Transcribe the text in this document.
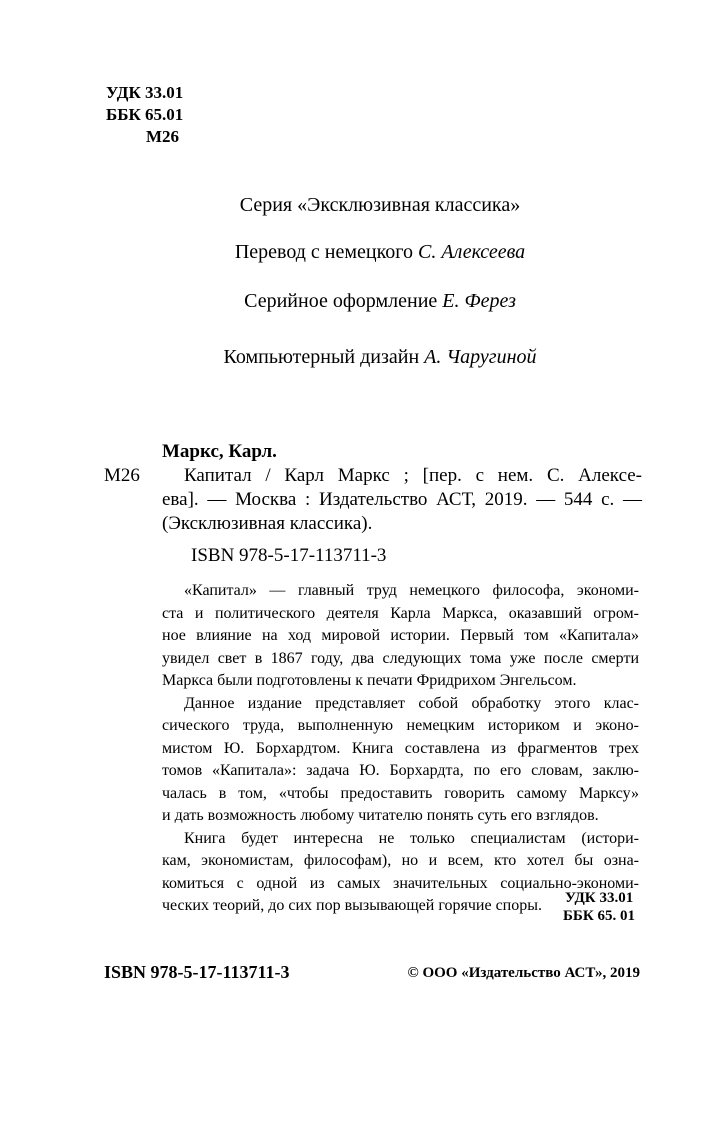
УДК 33.01
ББК 65.01
М26
Серия «Эксклюзивная классика»
Перевод с немецкого С. Алексеева
Серийное оформление Е. Ферез
Компьютерный дизайн А. Чаругиной
Маркс, Карл.
М26	Капитал / Карл Маркс ; [пер. с нем. С. Алексе-
ева]. — Москва : Издательство АСТ, 2019. — 544 с. —
(Эксклюзивная классика).
ISBN 978-5-17-113711-3
«Капитал» — главный труд немецкого философа, экономи-
ста и политического деятеля Карла Маркса, оказавший огром-
ное влияние на ход мировой истории. Первый том «Капитала»
увидел свет в 1867 году, два следующих тома уже после смерти
Маркса были подготовлены к печати Фридрихом Энгельсом.
Данное издание представляет собой обработку этого клас-
сического труда, выполненную немецким историком и эконо-
мистом Ю. Борхардтом. Книга составлена из фрагментов трех
томов «Капитала»: задача Ю. Борхардта, по его словам, заклю-
чалась в том, «чтобы предоставить говорить самому Марксу»
и дать возможность любому читателю понять суть его взглядов.
Книга будет интересна не только специалистам (истори-
кам, экономистам, философам), но и всем, кто хотел бы озна-
комиться с одной из самых значительных социально-экономи-
ческих теорий, до сих пор вызывающей горячие споры.	УДК 33.01
ББК 65. 01
ISBN 978-5-17-113711-3	© ООО «Издательство АСТ», 2019
